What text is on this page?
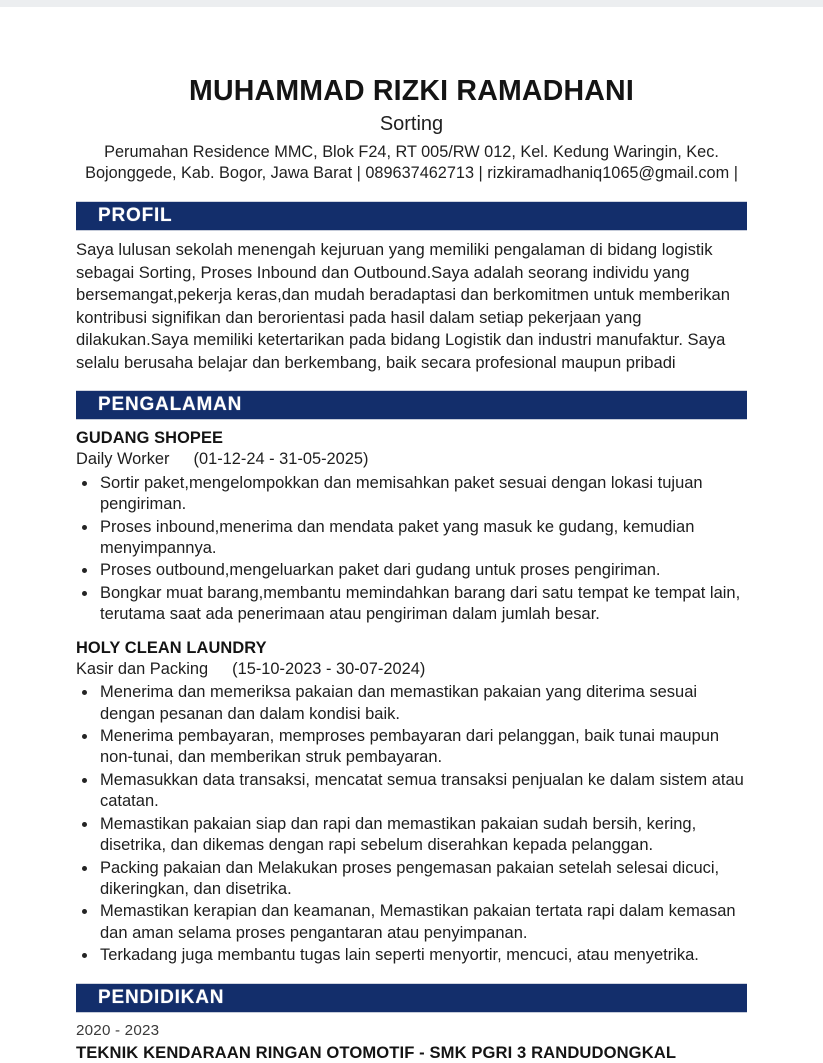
MUHAMMAD RIZKI RAMADHANI
Sorting
Perumahan Residence MMC, Blok F24, RT 005/RW 012, Kel. Kedung Waringin, Kec. Bojonggede, Kab. Bogor, Jawa Barat | 089637462713 | rizkiramadhaniq1065@gmail.com |
PROFIL
Saya lulusan sekolah menengah kejuruan yang memiliki pengalaman di bidang logistik sebagai Sorting, Proses Inbound dan Outbound.Saya adalah seorang individu yang bersemangat,pekerja keras,dan mudah beradaptasi dan berkomitmen untuk memberikan kontribusi signifikan dan berorientasi pada hasil dalam setiap pekerjaan yang dilakukan.Saya memiliki ketertarikan pada bidang Logistik dan industri manufaktur. Saya selalu berusaha belajar dan berkembang, baik secara profesional maupun pribadi
PENGALAMAN
GUDANG SHOPEE
Daily Worker (01-12-24 - 31-05-2025)
Sortir paket,mengelompokkan dan memisahkan paket sesuai dengan lokasi tujuan pengiriman.
Proses inbound,menerima dan mendata paket yang masuk ke gudang, kemudian menyimpannya.
Proses outbound,mengeluarkan paket dari gudang untuk proses pengiriman.
Bongkar muat barang,membantu memindahkan barang dari satu tempat ke tempat lain, terutama saat ada penerimaan atau pengiriman dalam jumlah besar.
HOLY CLEAN LAUNDRY
Kasir dan Packing (15-10-2023 - 30-07-2024)
Menerima dan memeriksa pakaian dan memastikan pakaian yang diterima sesuai dengan pesanan dan dalam kondisi baik.
Menerima pembayaran, memproses pembayaran dari pelanggan, baik tunai maupun non-tunai, dan memberikan struk pembayaran.
Memasukkan data transaksi, mencatat semua transaksi penjualan ke dalam sistem atau catatan.
Memastikan pakaian siap dan rapi dan memastikan pakaian sudah bersih, kering, disetrika, dan dikemas dengan rapi sebelum diserahkan kepada pelanggan.
Packing pakaian dan Melakukan proses pengemasan pakaian setelah selesai dicuci, dikeringkan, dan disetrika.
Memastikan kerapian dan keamanan, Memastikan pakaian tertata rapi dalam kemasan dan aman selama proses pengantaran atau penyimpanan.
Terkadang juga membantu tugas lain seperti menyortir, mencuci, atau menyetrika.
PENDIDIKAN
2020 - 2023
TEKNIK KENDARAAN RINGAN OTOMOTIF - SMK PGRI 3 RANDUDONGKAL
